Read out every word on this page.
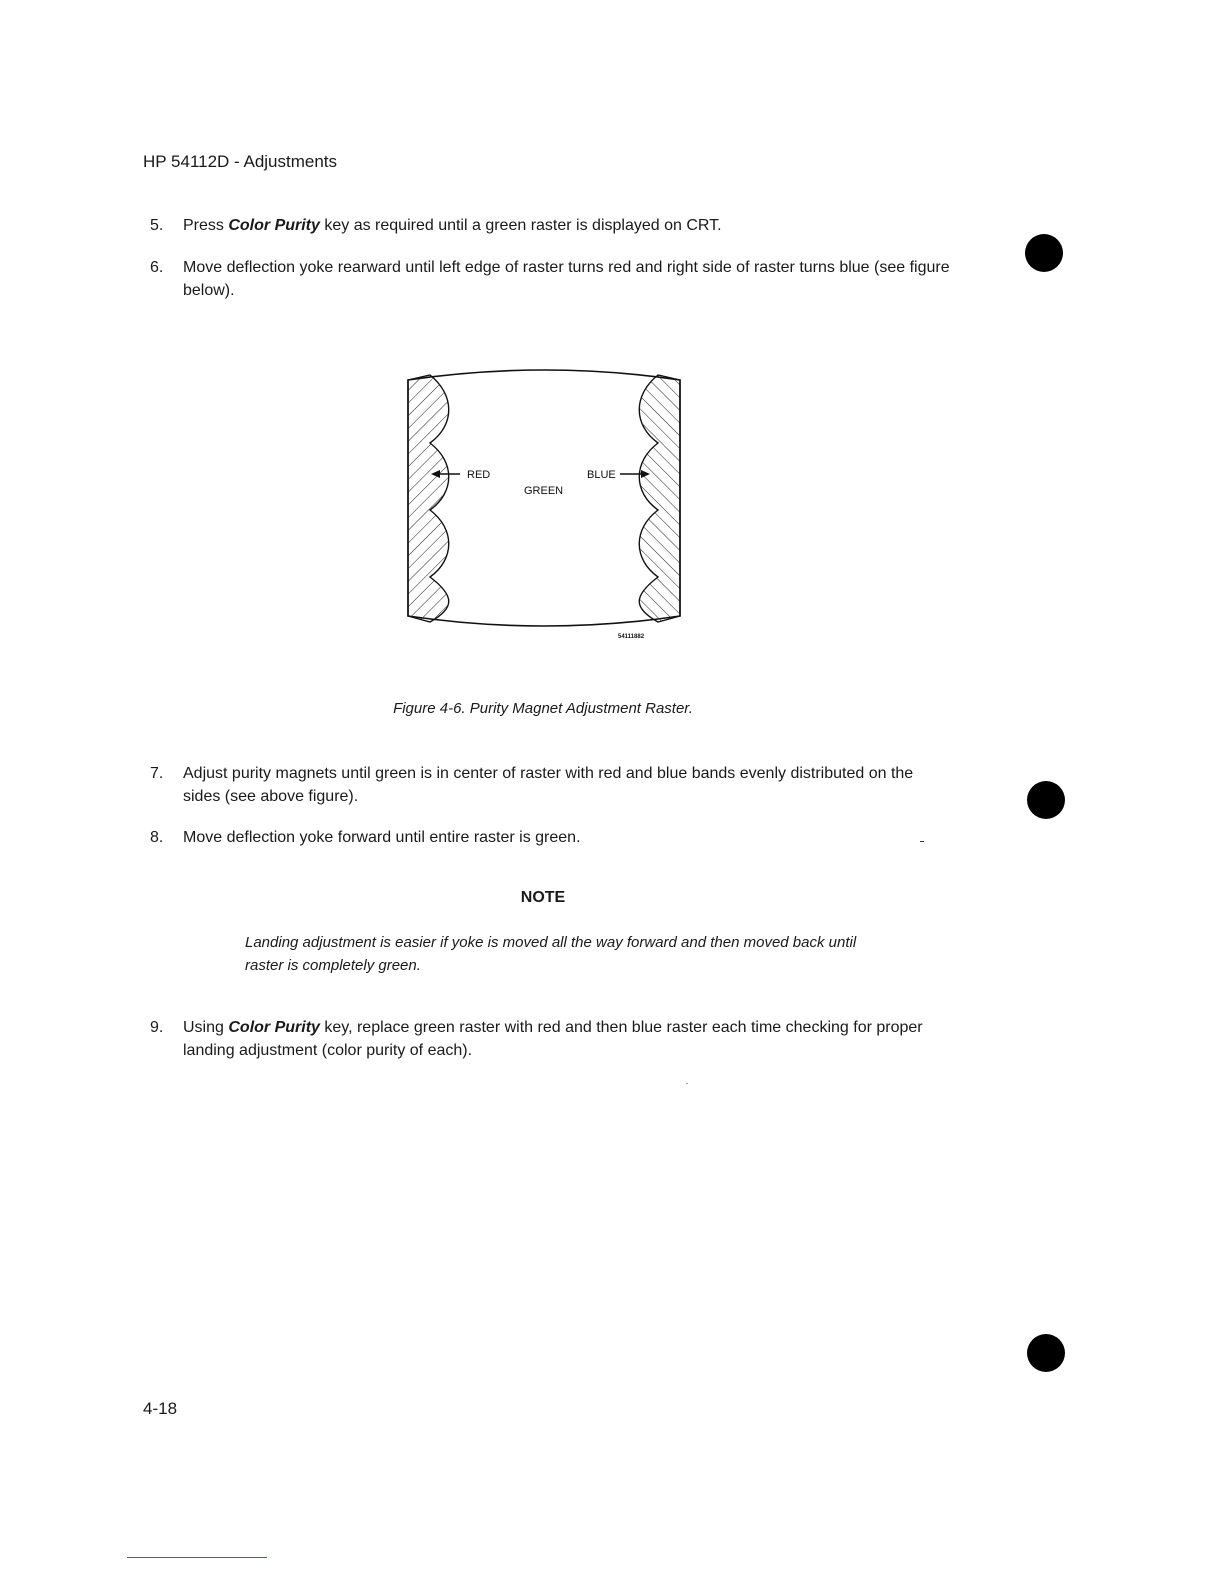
HP 54112D - Adjustments
5. Press Color Purity key as required until a green raster is displayed on CRT.
6. Move deflection yoke rearward until left edge of raster turns red and right side of raster turns blue (see figure below).
RED	BLUE
GREEN
54111882
Figure 4-6. Purity Magnet Adjustment Raster.
7. Adjust purity magnets until green is in center of raster with red and blue bands evenly distributed on the sides (see above figure).
8. Move deflection yoke forward until entire raster is green.
NOTE
Landing adjustment is easier if yoke is moved all the way forward and then moved back until raster is completely green.
9. Using Color Purity key, replace green raster with red and then blue raster each time checking for proper landing adjustment (color purity of each).
4-18
